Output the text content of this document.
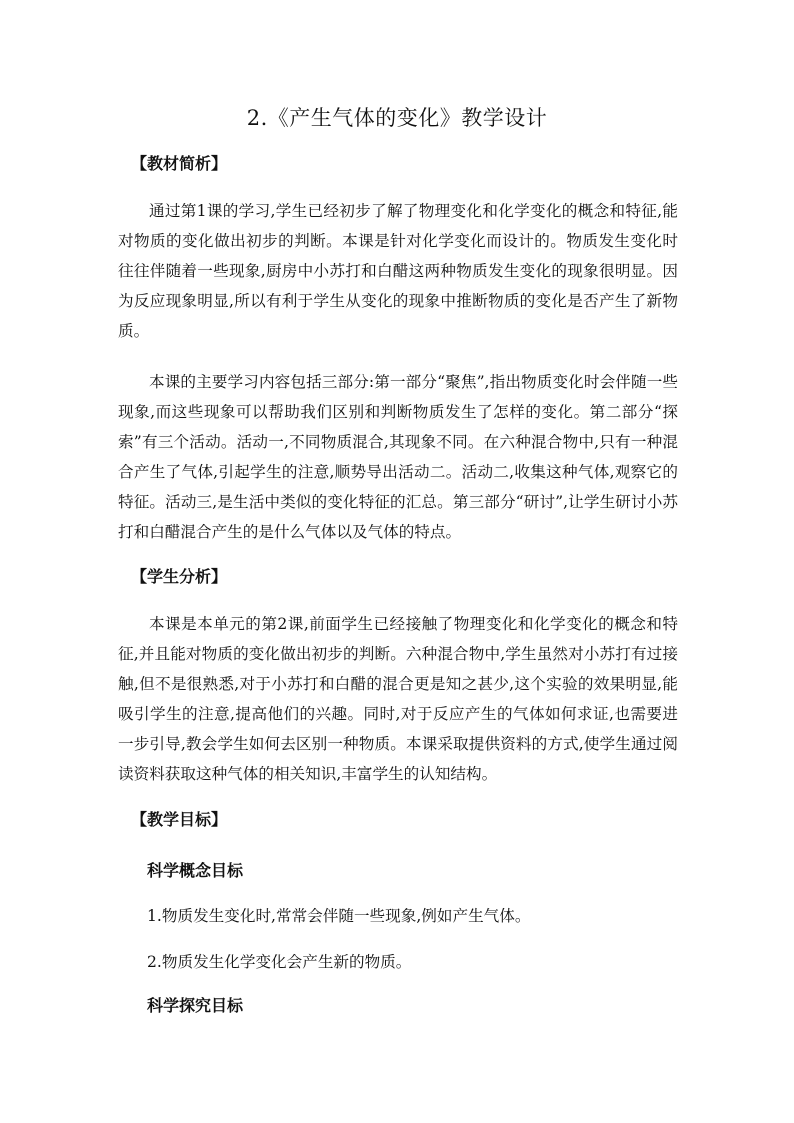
2.《产生气体的变化》教学设计
【教材简析】

通过第1课的学习,学生已经初步了解了物理变化和化学变化的概念和特征,能对物质的变化做出初步的判断。本课是针对化学变化而设计的。物质发生变化时往往伴随着一些现象,厨房中小苏打和白醋这两种物质发生变化的现象很明显。因为反应现象明显,所以有利于学生从变化的现象中推断物质的变化是否产生了新物质。

本课的主要学习内容包括三部分:第一部分“聚焦”,指出物质变化时会伴随一些现象,而这些现象可以帮助我们区别和判断物质发生了怎样的变化。第二部分“探索”有三个活动。活动一,不同物质混合,其现象不同。在六种混合物中,只有一种混合产生了气体,引起学生的注意,顺势导出活动二。活动二,收集这种气体,观察它的特征。活动三,是生活中类似的变化特征的汇总。第三部分“研讨”,让学生研讨小苏打和白醋混合产生的是什么气体以及气体的特点。

【学生分析】

本课是本单元的第2课,前面学生已经接触了物理变化和化学变化的概念和特征,并且能对物质的变化做出初步的判断。六种混合物中,学生虽然对小苏打有过接触,但不是很熟悉,对于小苏打和白醋的混合更是知之甚少,这个实验的效果明显,能吸引学生的注意,提高他们的兴趣。同时,对于反应产生的气体如何求证,也需要进一步引导,教会学生如何去区别一种物质。本课采取提供资料的方式,使学生通过阅读资料获取这种气体的相关知识,丰富学生的认知结构。

【教学目标】
科学概念目标
1.物质发生变化时,常常会伴随一些现象,例如产生气体。
2.物质发生化学变化会产生新的物质。
科学探究目标
